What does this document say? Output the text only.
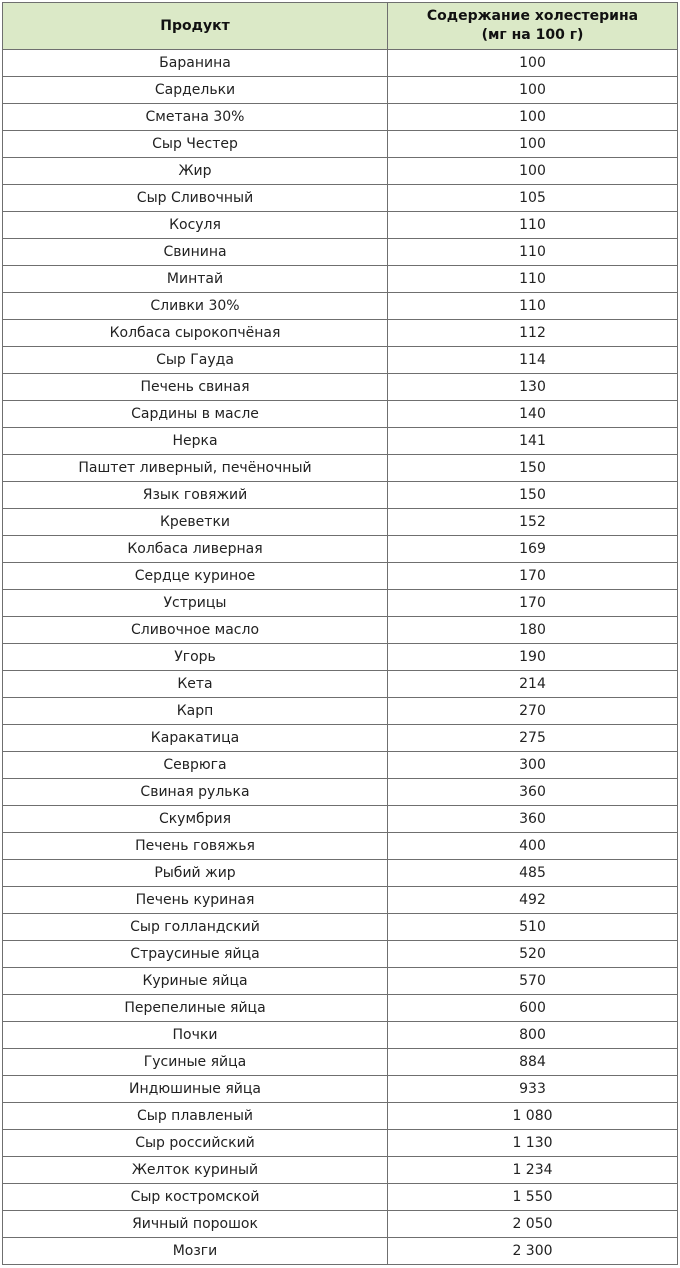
Продукт	Содержание холестерина
(мг на 100 г)

Баранина	100
Сардельки	100
Сметана 30%	100
Сыр Честер	100
Жир	100
Сыр Сливочный	105
Косуля	110
Свинина	110
Минтай	110
Сливки 30%	110
Колбаса сырокопчёная	112
Сыр Гауда	114
Печень свиная	130
Сардины в масле	140
Нерка	141
Паштет ливерный, печёночный	150
Язык говяжий	150
Креветки	152
Колбаса ливерная	169
Сердце куриное	170
Устрицы	170
Сливочное масло	180
Угорь	190
Кета	214
Карп	270
Каракатица	275
Севрюга	300
Свиная рулька	360
Скумбрия	360
Печень говяжья	400
Рыбий жир	485
Печень куриная	492
Сыр голландский	510
Страусиные яйца	520
Куриные яйца	570
Перепелиные яйца	600
Почки	800
Гусиные яйца	884
Индюшиные яйца	933
Сыр плавленый	1 080
Сыр российский	1 130
Желток куриный	1 234
Сыр костромской	1 550
Яичный порошок	2 050
Мозги	2 300
